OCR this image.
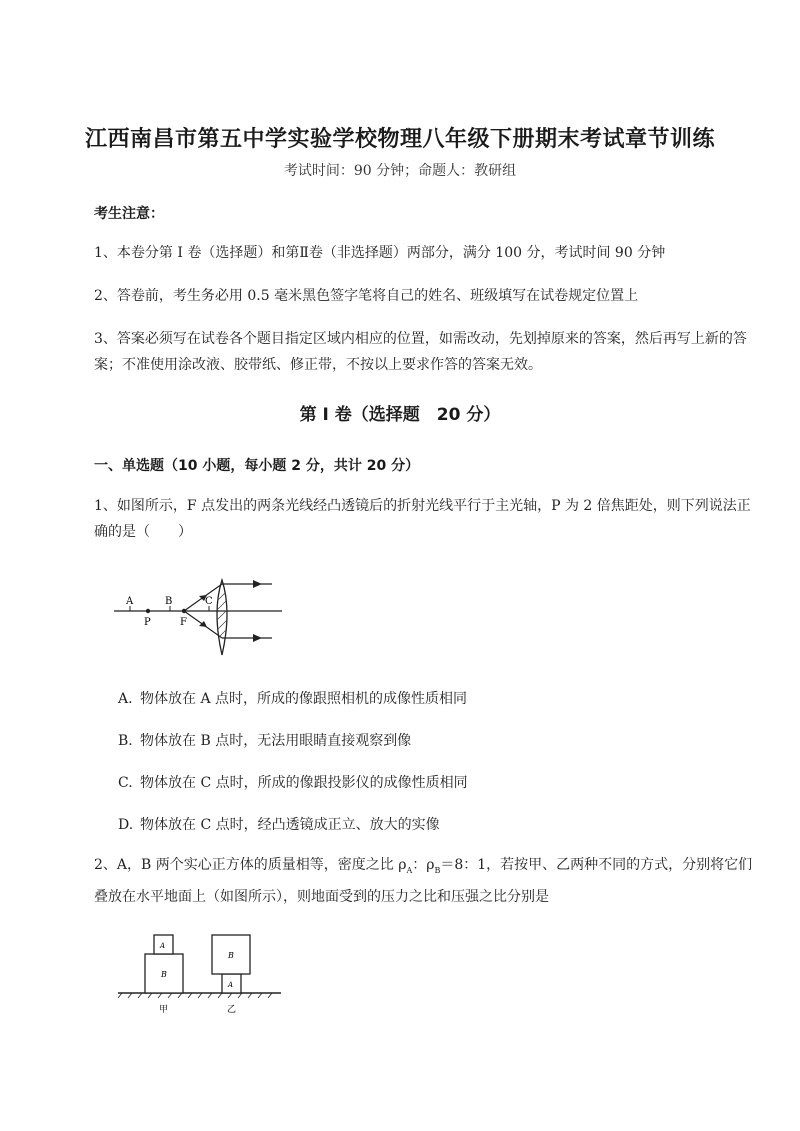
江西南昌市第五中学实验学校物理八年级下册期末考试章节训练
考试时间：90 分钟；命题人：教研组
考生注意：
1、本卷分第 I 卷（选择题）和第Ⅱ卷（非选择题）两部分，满分 100 分，考试时间 90 分钟
2、答卷前，考生务必用 0.5 毫米黑色签字笔将自己的姓名、班级填写在试卷规定位置上
3、答案必须写在试卷各个题目指定区域内相应的位置，如需改动，先划掉原来的答案，然后再写上新的答案；不准使用涂改液、胶带纸、修正带，不按以上要求作答的答案无效。
第 I 卷（选择题　20 分）
一、单选题（10 小题，每小题 2 分，共计 20 分）
1、如图所示，F 点发出的两条光线经凸透镜后的折射光线平行于主光轴，P 为 2 倍焦距处，则下列说法正确的是（　　）
A	B	C
P	F
A. 物体放在 A 点时，所成的像跟照相机的成像性质相同
B. 物体放在 B 点时，无法用眼睛直接观察到像
C. 物体放在 C 点时，所成的像跟投影仪的成像性质相同
D. 物体放在 C 点时，经凸透镜成正立、放大的实像
2、A，B 两个实心正方体的质量相等，密度之比 $\rho_A$：$\rho_B=8$：1，若按甲、乙两种不同的方式，分别将它们叠放在水平地面上（如图所示），则地面受到的压力之比和压强之比分别是
B
A
B
A
甲	乙
